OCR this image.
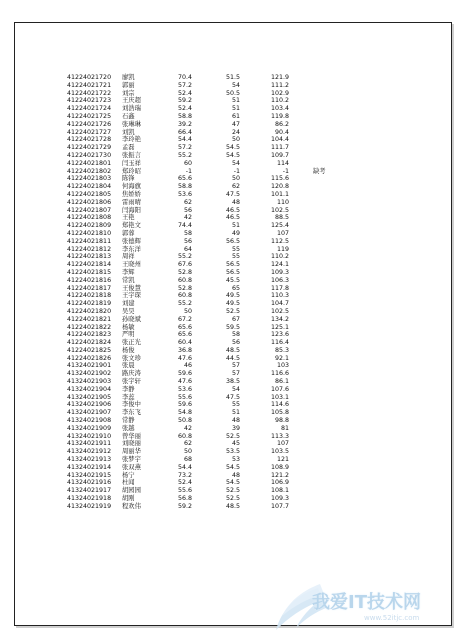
41224021720 廖凯	70.4	51.5	121.9
41224021721 郭丽	57.2	54	111.2
41224021722 刘宗	52.4	50.5	102.9
41224021723 王庆超	59.2	51	110.2
41224021724 刘浩瑞	52.4	51	103.4
41224021725 石鑫	58.8	61	119.8
41224021726 张琳琳	39.2	47	86.2
41224021727 刘凯	66.4	24	90.4
41224021728 李玲艳	54.4	50	104.4
41224021729 孟磊	57.2	54.5	111.7
41224021730 张振言	55.2	54.5	109.7
41224021801 闫玉祥	60	54	114
41224021802 郑玲昭	-1	-1	-1	缺考
41224021803 陈锋	65.6	50	115.6
41224021804 何海旗	58.8	62	120.8
41224021805 焦娇娇	53.6	47.5	101.1
41224021806 雷雨晴	62	48	110
41224021807 闫海阳	56	46.5	102.5
41224021808 王艳	42	46.5	88.5
41224021809 郑艳文	74.4	51	125.4
41224021810 郭蓉	58	49	107
41224021811 张德辉	56	56.5	112.5
41224021812 李东洋	64	55	119
41224021813 周祥	55.2	55	110.2
41224021814 王晓州	67.6	56.5	124.1
41224021815 李辉	52.8	56.5	109.3
41224021816 常凯	60.8	45.5	106.3
41224021817 王俊慧	52.8	65	117.8
41224021818 王宇琛	60.8	49.5	110.3
41224021819 刘建	55.2	49.5	104.7
41224021820 吴昊	50	52.5	102.5
41224021821 孙晓斌	67.2	67	134.2
41224021822 杨敏	65.6	59.5	125.1
41224021823 严明	65.6	58	123.6
41224021824 张正光	60.4	56	116.4
41224021825 杨俊	36.8	48.5	85.3
41224021826 张文珍	47.6	44.5	92.1
41324021901 张晨	46	57	103
41324021902 路庆涛	59.6	57	116.6
41324021903 张宇轩	47.6	38.5	86.1
41324021904 李静	53.6	54	107.6
41324021905 李蕊	55.6	47.5	103.1
41324021906 李俊中	59.6	55	114.6
41324021907 李东飞	54.8	51	105.8
41324021908 常静	50.8	48	98.8
41324021909 张越	42	39	81
41324021910 曾华丽	60.8	52.5	113.3
41324021911 刘晓丽	62	45	107
41324021912 周丽华	50	53.5	103.5
41324021913 张梦宇	68	53	121
41324021914 张双燕	54.4	54.5	108.9
41324021915 杨宁	73.2	48	121.2
41324021916 杜闻	52.4	54.5	106.9
41324021917 胡园园	55.6	52.5	108.1
41324021918 胡刚	56.8	52.5	109.3
41324021919 程欢伟	59.2	48.5	107.7
我爱IT技术网
www.52itjc.com
